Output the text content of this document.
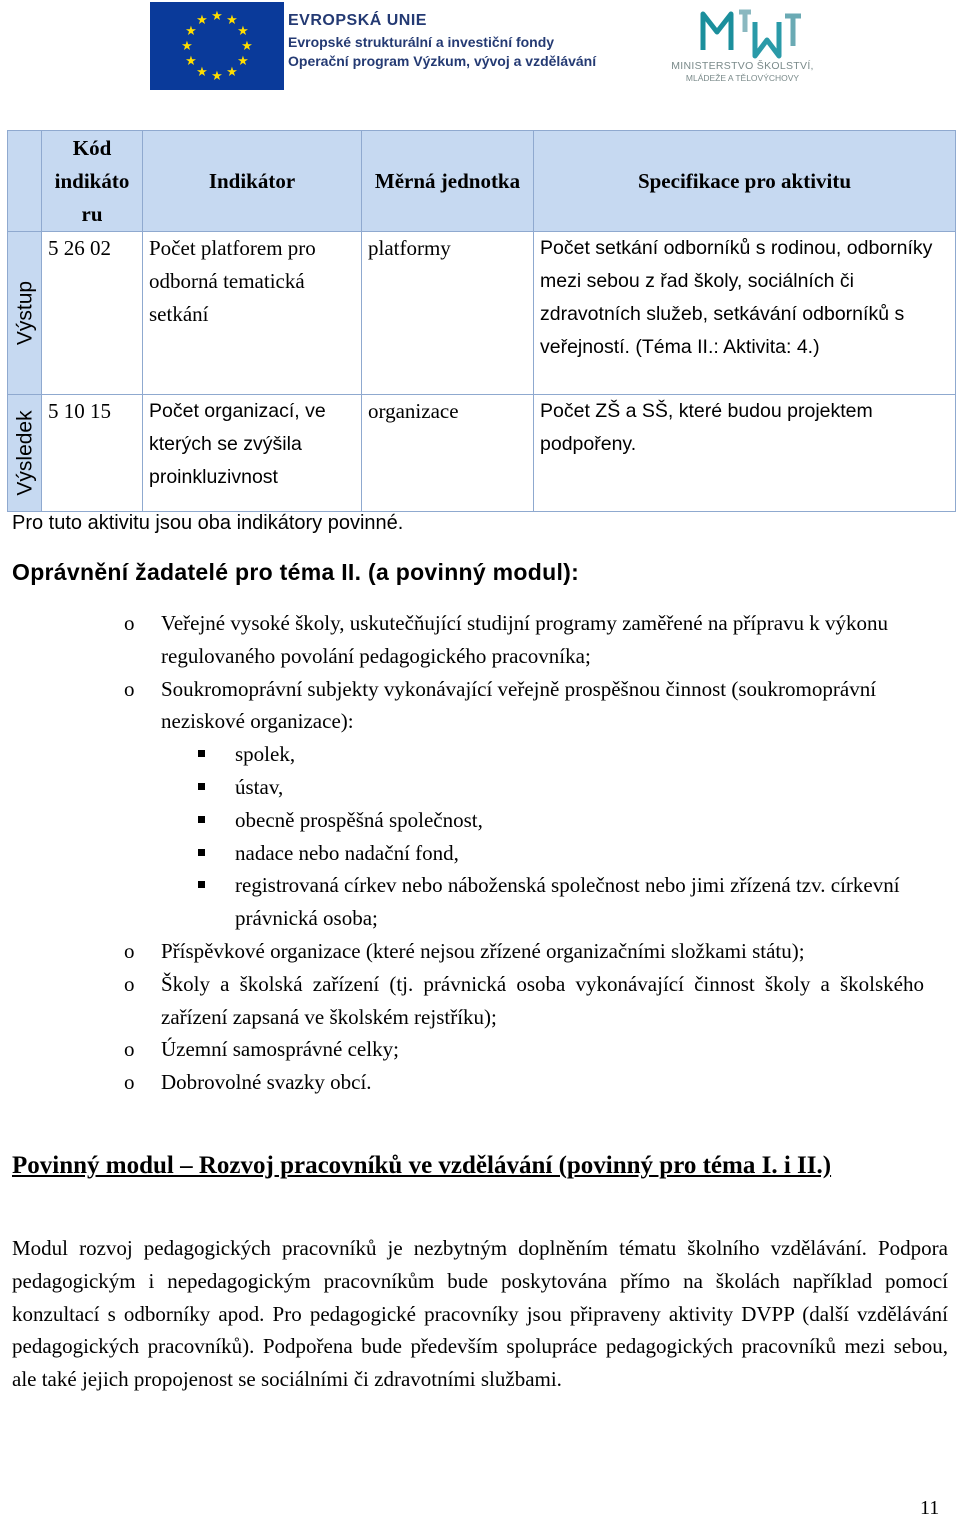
★ ★
★
★
★
★
★
★
★
★
★
★	EVROPSKÁ UNIE
Evropské strukturální a investiční fondy
Operační program Výzkum, vývoj a vzdělávání	MINISTERSTVO ŠKOLSTVÍ,
MLÁDEŽE A TĚLOVÝCHOVY
	Kód indikáto ru	Indikátor	Měrná jednotka	Specifikace pro aktivitu

Výstup	5 26 02	Počet platforem pro odborná tematická setkání	platformy	Počet setkání odborníků s rodinou, odborníky mezi sebou z řad školy, sociálních či zdravotních služeb, setkávání odborníků s veřejností. (Téma II.: Aktivita: 4.)

Výsledek	5 10 15	Počet organizací, ve kterých se zvýšila proinkluzivnost	organizace	Počet ZŠ a SŠ, které budou projektem podpořeny.
Pro tuto aktivitu jsou oba indikátory povinné.
Oprávnění žadatelé pro téma II. (a povinný modul):
o Veřejné vysoké školy, uskutečňující studijní programy zaměřené na přípravu k výkonu regulovaného povolání pedagogického pracovníka;
o Soukromoprávní subjekty vykonávající veřejně prospěšnou činnost (soukromoprávní neziskové organizace):
spolek,
ústav,
obecně prospěšná společnost,
nadace nebo nadační fond,
registrovaná církev nebo náboženská společnost nebo jimi zřízená tzv. církevní právnická osoba;
o Příspěvkové organizace (které nejsou zřízené organizačními složkami státu);
o Školy a školská zařízení (tj. právnická osoba vykonávající činnost školy a školského zařízení zapsaná ve školském rejstříku);
o Územní samosprávné celky;
o Dobrovolné svazky obcí.
Povinný modul – Rozvoj pracovníků ve vzdělávání (povinný pro téma I. i II.)
Modul rozvoj pedagogických pracovníků je nezbytným doplněním tématu školního vzdělávání. Podpora pedagogickým i nepedagogickým pracovníkům bude poskytována přímo na školách například pomocí konzultací s odborníky apod. Pro pedagogické pracovníky jsou připraveny aktivity DVPP (další vzdělávání pedagogických pracovníků). Podpořena bude především spolupráce pedagogických pracovníků mezi sebou, ale také jejich propojenost se sociálními či zdravotními službami.
11
